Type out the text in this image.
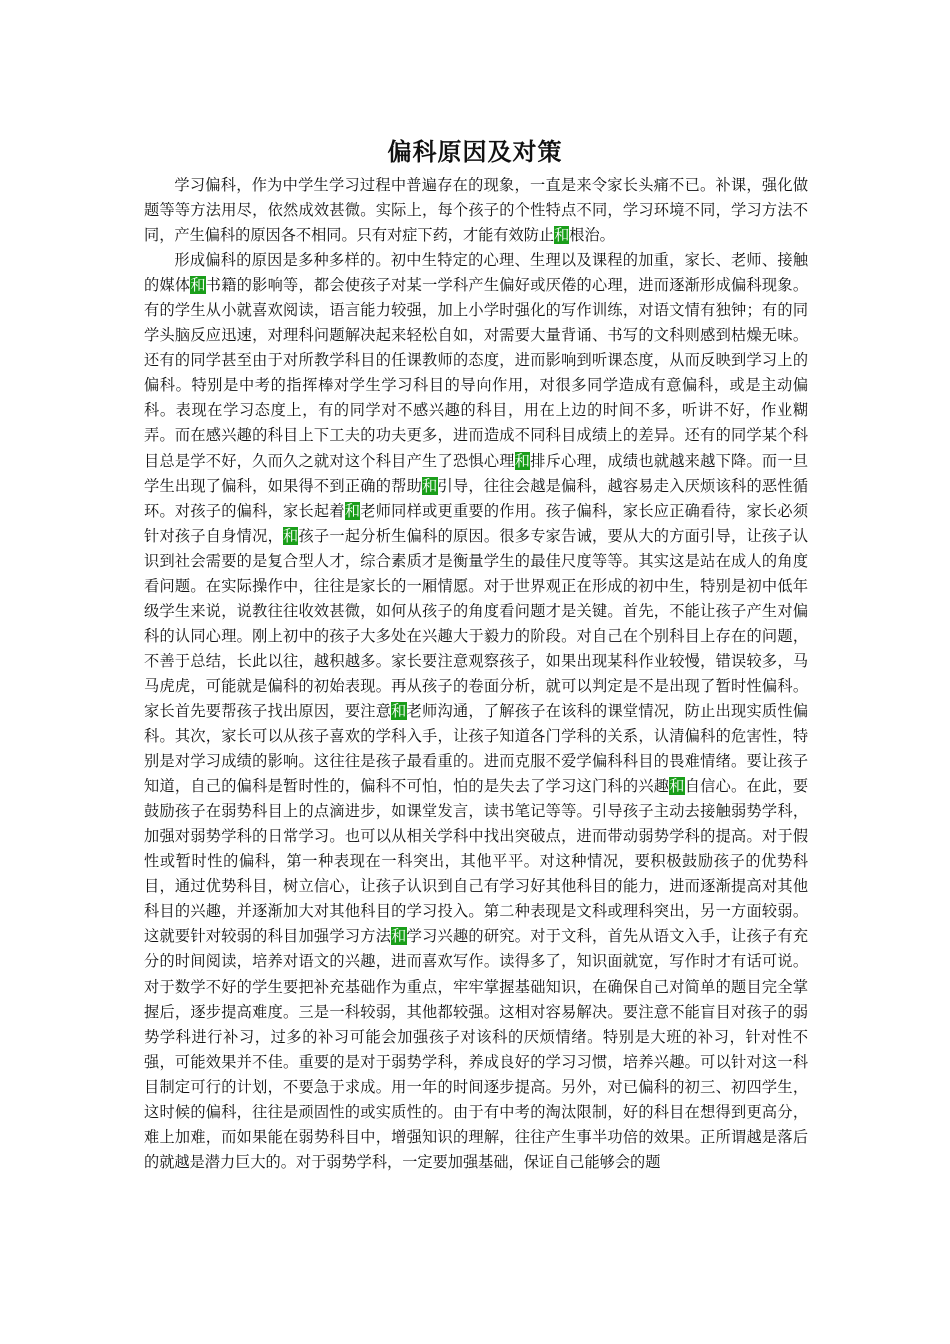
偏科原因及对策

学习偏科，作为中学生学习过程中普遍存在的现象，一直是来令家长头痛不已。补课，强化做题等等方法用尽，依然成效甚微。实际上，每个孩子的个性特点不同，学习环境不同，学习方法不同，产生偏科的原因各不相同。只有对症下药，才能有效防止和根治。

形成偏科的原因是多种多样的。初中生特定的心理、生理以及课程的加重，家长、老师、接触的媒体和书籍的影响等，都会使孩子对某一学科产生偏好或厌倦的心理，进而逐渐形成偏科现象。有的学生从小就喜欢阅读，语言能力较强，加上小学时强化的写作训练，对语文情有独钟；有的同学头脑反应迅速，对理科问题解决起来轻松自如，对需要大量背诵、书写的文科则感到枯燥无味。还有的同学甚至由于对所教学科目的任课教师的态度，进而影响到听课态度，从而反映到学习上的偏科。特别是中考的指挥棒对学生学习科目的导向作用，对很多同学造成有意偏科，或是主动偏科。表现在学习态度上，有的同学对不感兴趣的科目，用在上边的时间不多，听讲不好，作业糊弄。而在感兴趣的科目上下工夫的功夫更多，进而造成不同科目成绩上的差异。还有的同学某个科目总是学不好，久而久之就对这个科目产生了恐惧心理和排斥心理，成绩也就越来越下降。而一旦学生出现了偏科，如果得不到正确的帮助和引导，往往会越是偏科，越容易走入厌烦该科的恶性循环。对孩子的偏科，家长起着和老师同样或更重要的作用。孩子偏科，家长应正确看待，家长必须针对孩子自身情况，和孩子一起分析生偏科的原因。很多专家告诫，要从大的方面引导，让孩子认识到社会需要的是复合型人才，综合素质才是衡量学生的最佳尺度等等。其实这是站在成人的角度看问题。在实际操作中，往往是家长的一厢情愿。对于世界观正在形成的初中生，特别是初中低年级学生来说，说教往往收效甚微，如何从孩子的角度看问题才是关键。首先，不能让孩子产生对偏科的认同心理。刚上初中的孩子大多处在兴趣大于毅力的阶段。对自己在个别科目上存在的问题，不善于总结，长此以往，越积越多。家长要注意观察孩子，如果出现某科作业较慢，错误较多，马马虎虎，可能就是偏科的初始表现。再从孩子的卷面分析，就可以判定是不是出现了暂时性偏科。家长首先要帮孩子找出原因，要注意和老师沟通，了解孩子在该科的课堂情况，防止出现实质性偏科。其次，家长可以从孩子喜欢的学科入手，让孩子知道各门学科的关系，认清偏科的危害性，特别是对学习成绩的影响。这往往是孩子最看重的。进而克服不爱学偏科科目的畏难情绪。要让孩子知道，自己的偏科是暂时性的，偏科不可怕，怕的是失去了学习这门科的兴趣和自信心。在此，要鼓励孩子在弱势科目上的点滴进步，如课堂发言，读书笔记等等。引导孩子主动去接触弱势学科，加强对弱势学科的日常学习。也可以从相关学科中找出突破点，进而带动弱势学科的提高。对于假性或暂时性的偏科，第一种表现在一科突出，其他平平。对这种情况，要积极鼓励孩子的优势科目，通过优势科目，树立信心，让孩子认识到自己有学习好其他科目的能力，进而逐渐提高对其他科目的兴趣，并逐渐加大对其他科目的学习投入。第二种表现是文科或理科突出，另一方面较弱。这就要针对较弱的科目加强学习方法和学习兴趣的研究。对于文科，首先从语文入手，让孩子有充分的时间阅读，培养对语文的兴趣，进而喜欢写作。读得多了，知识面就宽，写作时才有话可说。对于数学不好的学生要把补充基础作为重点，牢牢掌握基础知识，在确保自己对简单的题目完全掌握后，逐步提高难度。三是一科较弱，其他都较强。这相对容易解决。要注意不能盲目对孩子的弱势学科进行补习，过多的补习可能会加强孩子对该科的厌烦情绪。特别是大班的补习，针对性不强，可能效果并不佳。重要的是对于弱势学科，养成良好的学习习惯，培养兴趣。可以针对这一科目制定可行的计划，不要急于求成。用一年的时间逐步提高。另外，对已偏科的初三、初四学生，这时候的偏科，往往是顽固性的或实质性的。由于有中考的淘汰限制，好的科目在想得到更高分，难上加难，而如果能在弱势科目中，增强知识的理解，往往产生事半功倍的效果。正所谓越是落后的就越是潜力巨大的。对于弱势学科，一定要加强基础，保证自己能够会的题
